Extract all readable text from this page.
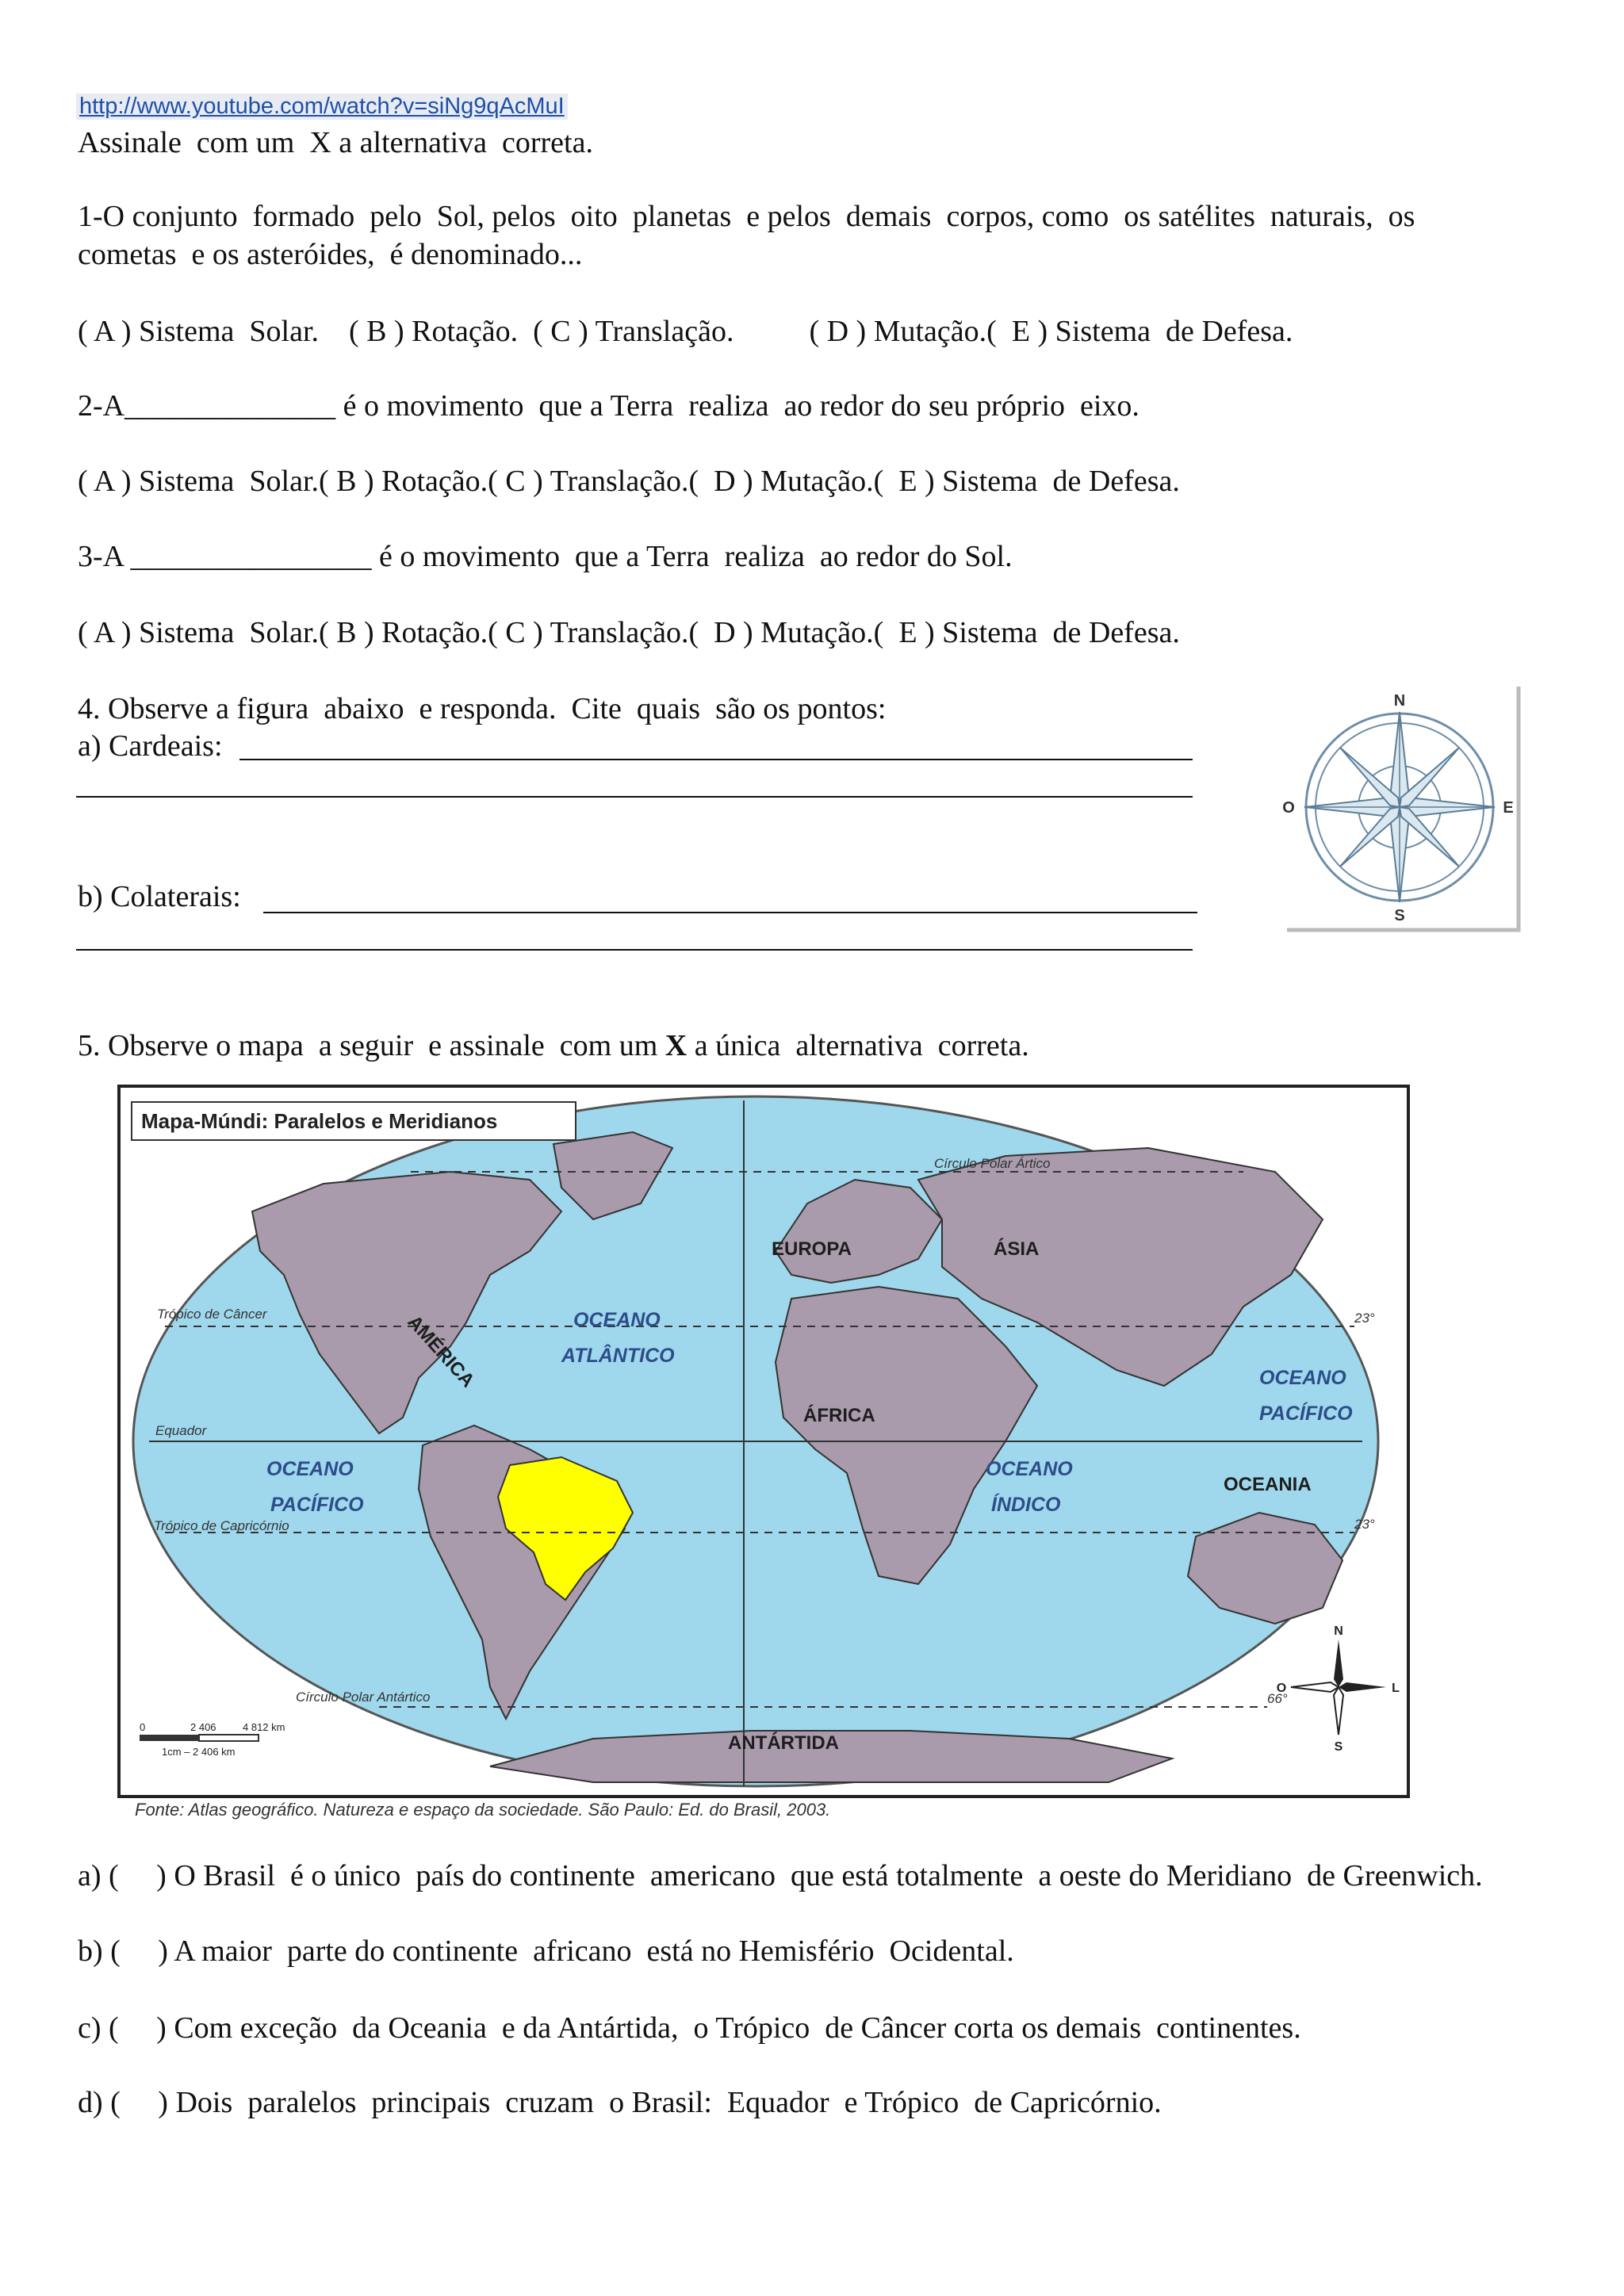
http://www.youtube.com/watch?v=siNg9qAcMuI
Assinale  com um  X a alternativa  correta.
1-O conjunto  formado  pelo  Sol, pelos  oito  planetas  e pelos  demais  corpos, como  os satélites  naturais,  os
cometas  e os asteróides,  é denominado...
( A ) Sistema  Solar.    ( B ) Rotação.  ( C ) Translação.          ( D ) Mutação.(  E ) Sistema  de Defesa.
2-A______________ é o movimento  que a Terra  realiza  ao redor do seu próprio  eixo.
( A ) Sistema  Solar.( B ) Rotação.( C ) Translação.(  D ) Mutação.(  E ) Sistema  de Defesa.
3-A ________________ é o movimento  que a Terra  realiza  ao redor do Sol.
( A ) Sistema  Solar.( B ) Rotação.( C ) Translação.(  D ) Mutação.(  E ) Sistema  de Defesa.
4. Observe a figura  abaixo  e responda.  Cite  quais  são os pontos:
a) Cardeais:
b) Colaterais:
N
S
O	E
5. Observe o mapa  a seguir  e assinale  com um X a única  alternativa  correta.
Círculo Polar Ártico
Trópico de Câncer
Equador
Trópico de Capricórnio
Círculo Polar Antártico
23°
23°
66°
OCEANO
ATLÂNTICO
OCEANO
PACÍFICO
OCEANO
PACÍFICO
OCEANO
ÍNDICO
EUROPA	ÁSIA
ÁFRICA
AMÉRICA
OCEANIA
ANTÁRTIDA
0	2 406	4 812 km
1cm – 2 406 km
N
S
L
O
Mapa-Múndi: Paralelos e Meridianos
Fonte: Atlas geográfico. Natureza e espaço da sociedade. São Paulo: Ed. do Brasil, 2003.
a) (     ) O Brasil  é o único  país do continente  americano  que está totalmente  a oeste do Meridiano  de Greenwich.
b) (     ) A maior  parte do continente  africano  está no Hemisfério  Ocidental.
c) (     ) Com exceção  da Oceania  e da Antártida,  o Trópico  de Câncer corta os demais  continentes.
d) (     ) Dois  paralelos  principais  cruzam  o Brasil:  Equador  e Trópico  de Capricórnio.
